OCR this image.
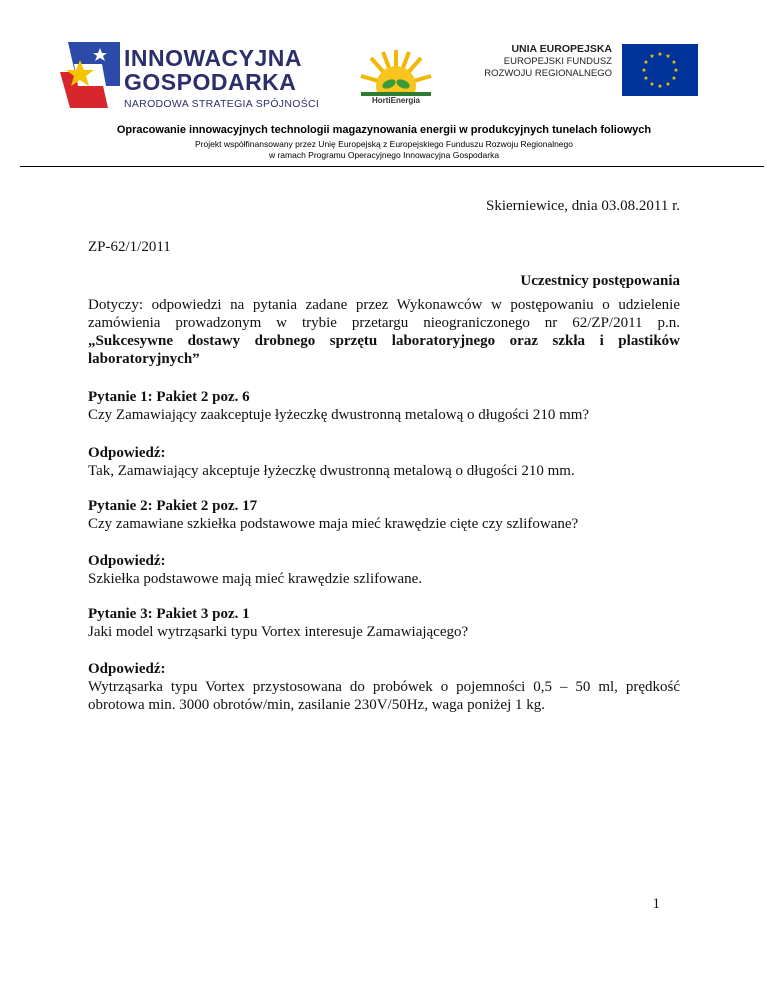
INNOWACYJNA
GOSPODARKA
NARODOWA STRATEGIA SPÓJNOŚCI	HortiEnergia
UNIA EUROPEJSKA
EUROPEJSKI FUNDUSZ
ROZWOJU REGIONALNEGO
★ ★
★
★
★
★
★
★
★
★
★
★
Opracowanie innowacyjnych technologii magazynowania energii w produkcyjnych tunelach foliowych
Projekt współfinansowany przez Unię Europejską z Europejskiego Funduszu Rozwoju Regionalnego
w ramach Programu Operacyjnego Innowacyjna Gospodarka
Skierniewice, dnia 03.08.2011 r.
ZP-62/1/2011
Uczestnicy postępowania
Dotyczy: odpowiedzi na pytania zadane przez Wykonawców w postępowaniu o udzielenie
zamówienia prowadzonym w trybie przetargu nieograniczonego nr 62/ZP/2011 p.n.
„Sukcesywne dostawy drobnego sprzętu laboratoryjnego oraz szkła i plastików
laboratoryjnych”
Pytanie 1: Pakiet 2 poz. 6
Czy Zamawiający zaakceptuje łyżeczkę dwustronną metalową o długości 210 mm?
Odpowiedź:
Tak, Zamawiający akceptuje łyżeczkę dwustronną metalową o długości 210 mm.
Pytanie 2: Pakiet 2 poz. 17
Czy zamawiane szkiełka podstawowe maja mieć krawędzie cięte czy szlifowane?
Odpowiedź:
Szkiełka podstawowe mają mieć krawędzie szlifowane.
Pytanie 3: Pakiet 3 poz. 1
Jaki model wytrząsarki typu Vortex interesuje Zamawiającego?
Odpowiedź:
Wytrząsarka typu Vortex przystosowana do probówek o pojemności 0,5 – 50 ml, prędkość
obrotowa min. 3000 obrotów/min, zasilanie 230V/50Hz, waga poniżej 1 kg.
1
